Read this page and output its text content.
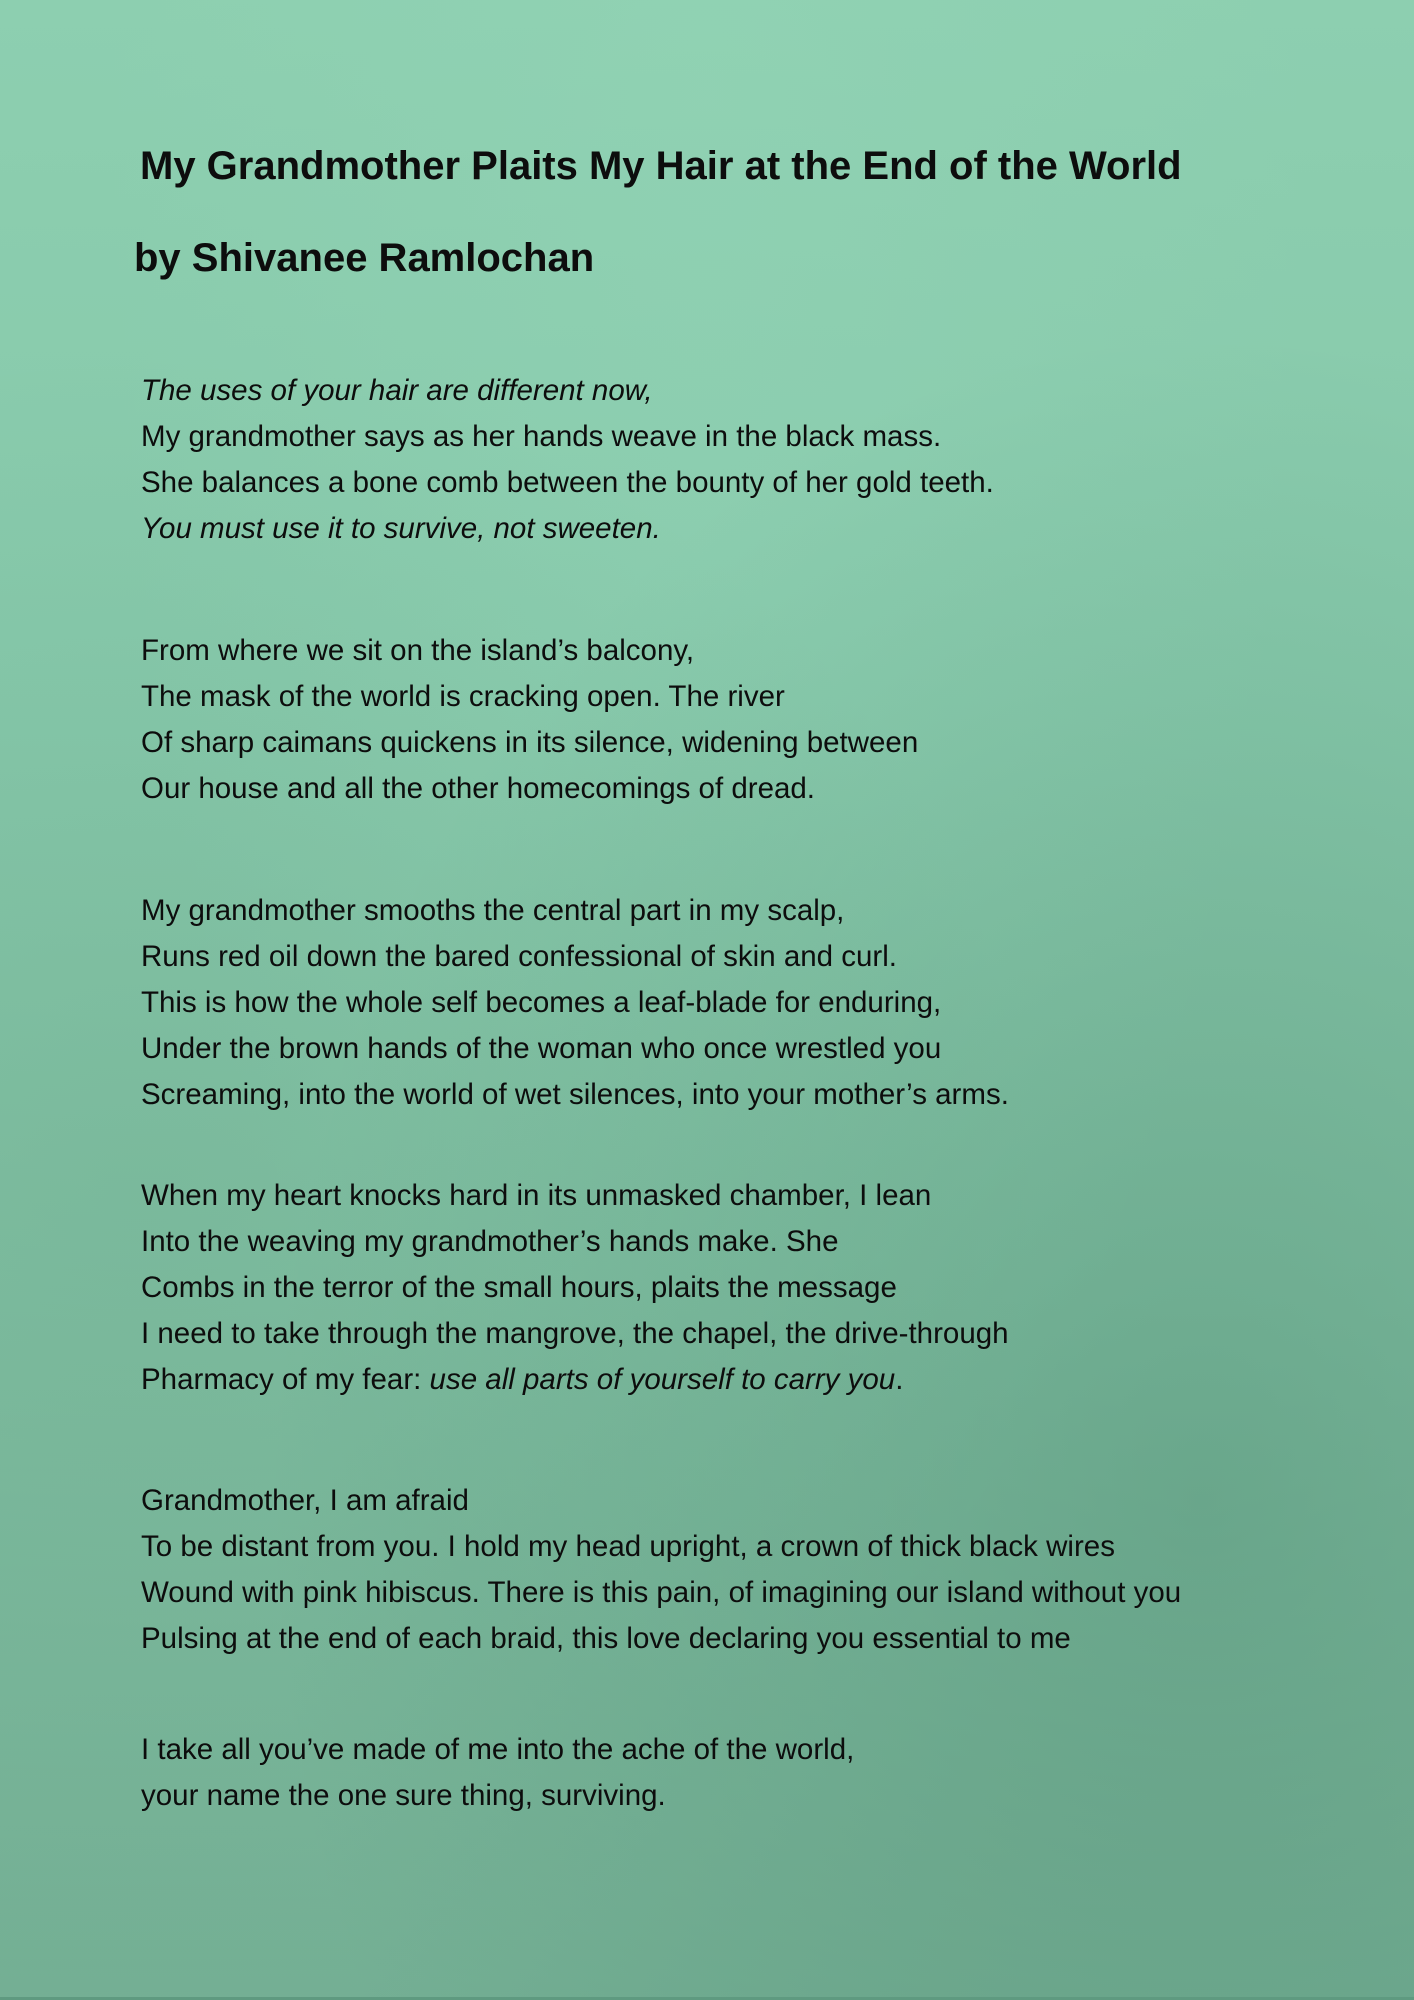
My Grandmother Plaits My Hair at the End of the World
by Shivanee Ramlochan

The uses of your hair are different now,
My grandmother says as her hands weave in the black mass.
She balances a bone comb between the bounty of her gold teeth.
You must use it to survive, not sweeten.

From where we sit on the island’s balcony,
The mask of the world is cracking open. The river
Of sharp caimans quickens in its silence, widening between
Our house and all the other homecomings of dread.

My grandmother smooths the central part in my scalp,
Runs red oil down the bared confessional of skin and curl.
This is how the whole self becomes a leaf-blade for enduring,
Under the brown hands of the woman who once wrestled you
Screaming, into the world of wet silences, into your mother’s arms.

When my heart knocks hard in its unmasked chamber, I lean
Into the weaving my grandmother’s hands make. She
Combs in the terror of the small hours, plaits the message
I need to take through the mangrove, the chapel, the drive-through
Pharmacy of my fear: use all parts of yourself to carry you.

Grandmother, I am afraid
To be distant from you. I hold my head upright, a crown of thick black wires
Wound with pink hibiscus. There is this pain, of imagining our island without you
Pulsing at the end of each braid, this love declaring you essential to me

I take all you’ve made of me into the ache of the world,
your name the one sure thing, surviving.
